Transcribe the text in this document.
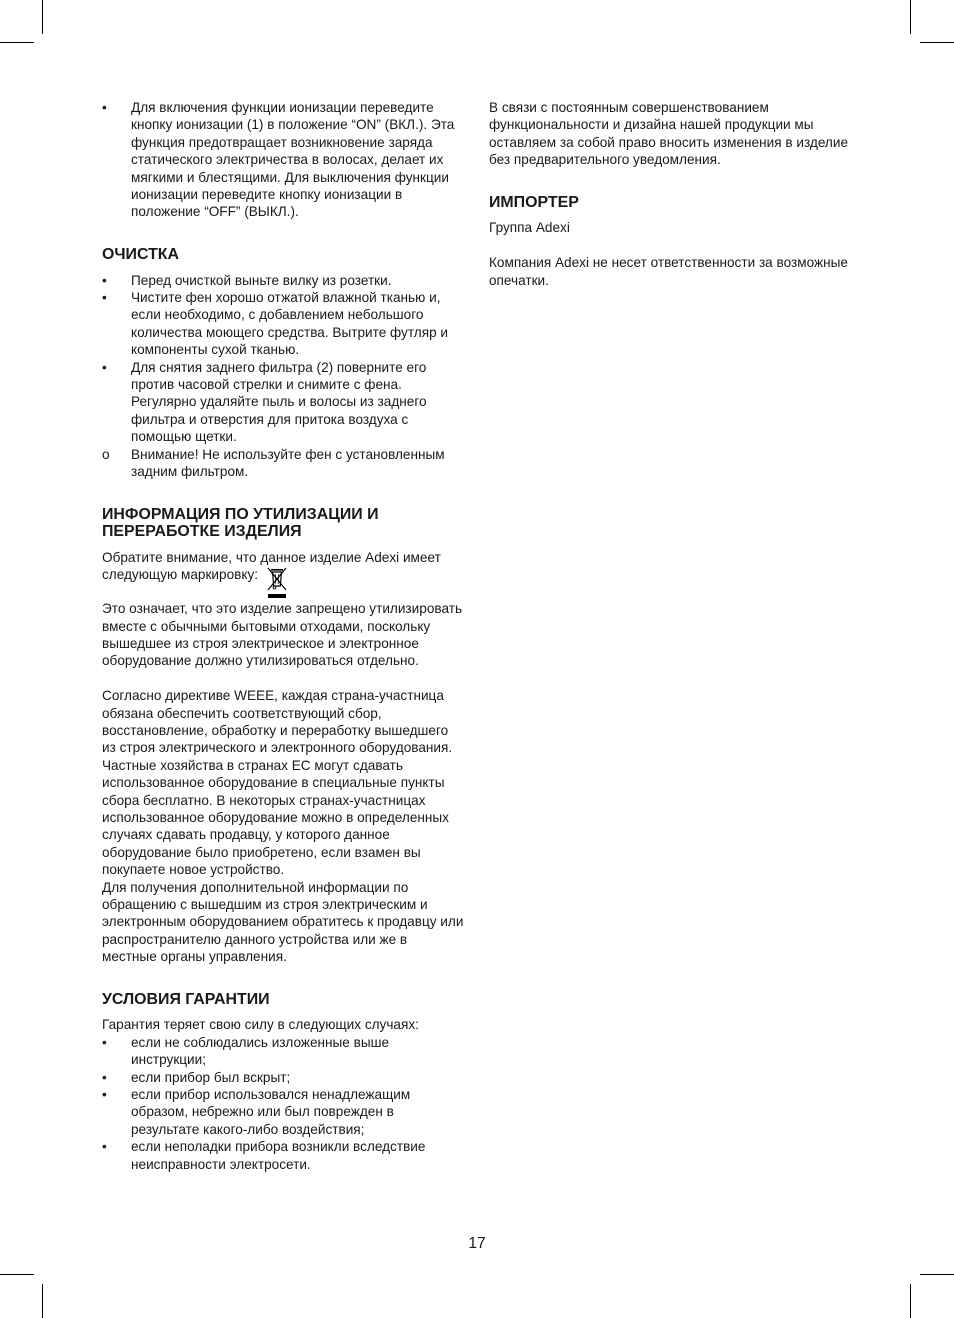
•	Для включения функции ионизации переведите кнопку ионизации (1) в положение “ON” (ВКЛ.). Эта функция предотвращает возникновение заряда статического электричества в волосах, делает их мягкими и блестящими. Для выключения функции ионизации переведите кнопку ионизации в положение “OFF” (ВЫКЛ.).
ОЧИСТКА
•	Перед очисткой выньте вилку из розетки.
•	Чистите фен хорошо отжатой влажной тканью и, если необходимо, с добавлением небольшого количества моющего средства. Вытрите футляр и компоненты сухой тканью.
•	Для снятия заднего фильтра (2) поверните его против часовой стрелки и снимите с фена. Регулярно удаляйте пыль и волосы из заднего фильтра и отверстия для притока воздуха с помощью щетки.
o	Внимание! Не используйте фен с установленным задним фильтром.
ИНФОРМАЦИЯ ПО УТИЛИЗАЦИИ И ПЕРЕРАБОТКЕ ИЗДЕЛИЯ

Обратите внимание, что данное изделие Adexi имеет следующую маркировку:

Это означает, что это изделие запрещено утилизировать вместе с обычными бытовыми отходами, поскольку вышедшее из строя электрическое и электронное оборудование должно утилизироваться отдельно.

Согласно директиве WEEE, каждая страна-участница обязана обеспечить соответствующий сбор, восстановление, обработку и переработку вышедшего из строя электрического и электронного оборудования. Частные хозяйства в странах ЕС могут сдавать использованное оборудование в специальные пункты сбора бесплатно. В некоторых странах-участницах использованное оборудование можно в определенных случаях сдавать продавцу, у которого данное оборудование было приобретено, если взамен вы покупаете новое устройство.

Для получения дополнительной информации по обращению с вышедшим из строя электрическим и электронным оборудованием обратитесь к продавцу или распространителю данного устройства или же в местные органы управления.

УСЛОВИЯ ГАРАНТИИ

Гарантия теряет свою силу в следующих случаях:

•	если не соблюдались изложенные выше инструкции;
•	если прибор был вскрыт;
•	если прибор использовался ненадлежащим образом, небрежно или был поврежден в результате какого-либо воздействия;
•	если неполадки прибора возникли вследствие неисправности электросети.

В связи с постоянным совершенствованием функциональности и дизайна нашей продукции мы оставляем за собой право вносить изменения в изделие без предварительного уведомления.

ИМПОРТЕР

Группа Adexi

Компания Adexi не несет ответственности за возможные опечатки.

17
